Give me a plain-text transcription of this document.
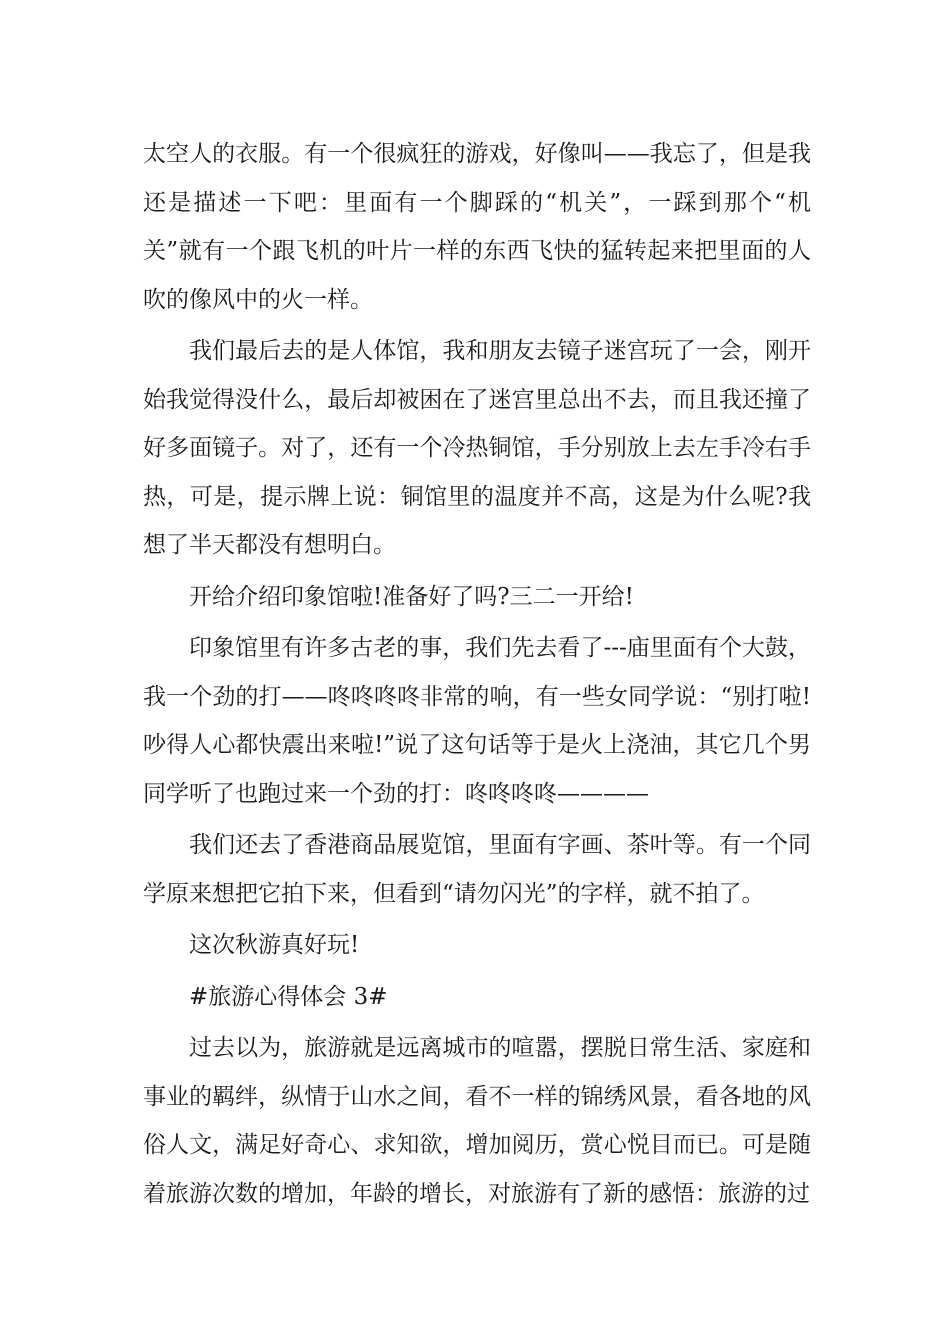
太空人的衣服。有一个很疯狂的游戏，好像叫——我忘了，但是我还是描述一下吧：里面有一个脚踩的“机关”，一踩到那个“机关”就有一个跟飞机的叶片一样的东西飞快的猛转起来把里面的人吹的像风中的火一样。

我们最后去的是人体馆，我和朋友去镜子迷宫玩了一会，刚开始我觉得没什么，最后却被困在了迷宫里总出不去，而且我还撞了好多面镜子。对了，还有一个冷热铜馆，手分别放上去左手冷右手热，可是，提示牌上说：铜馆里的温度并不高，这是为什么呢?我想了半天都没有想明白。

开给介绍印象馆啦!准备好了吗?三二一开给!

印象馆里有许多古老的事，我们先去看了---庙里面有个大鼓，我一个劲的打——咚咚咚咚非常的响，有一些女同学说：“别打啦!吵得人心都快震出来啦!”说了这句话等于是火上浇油，其它几个男同学听了也跑过来一个劲的打：咚咚咚咚————

我们还去了香港商品展览馆，里面有字画、茶叶等。有一个同学原来想把它拍下来，但看到“请勿闪光”的字样，就不拍了。

这次秋游真好玩!

#旅游心得体会 3#

过去以为，旅游就是远离城市的喧嚣，摆脱日常生活、家庭和事业的羁绊，纵情于山水之间，看不一样的锦绣风景，看各地的风俗人文，满足好奇心、求知欲，增加阅历，赏心悦目而已。可是随着旅游次数的增加，年龄的增长，对旅游有了新的感悟：旅游的过
